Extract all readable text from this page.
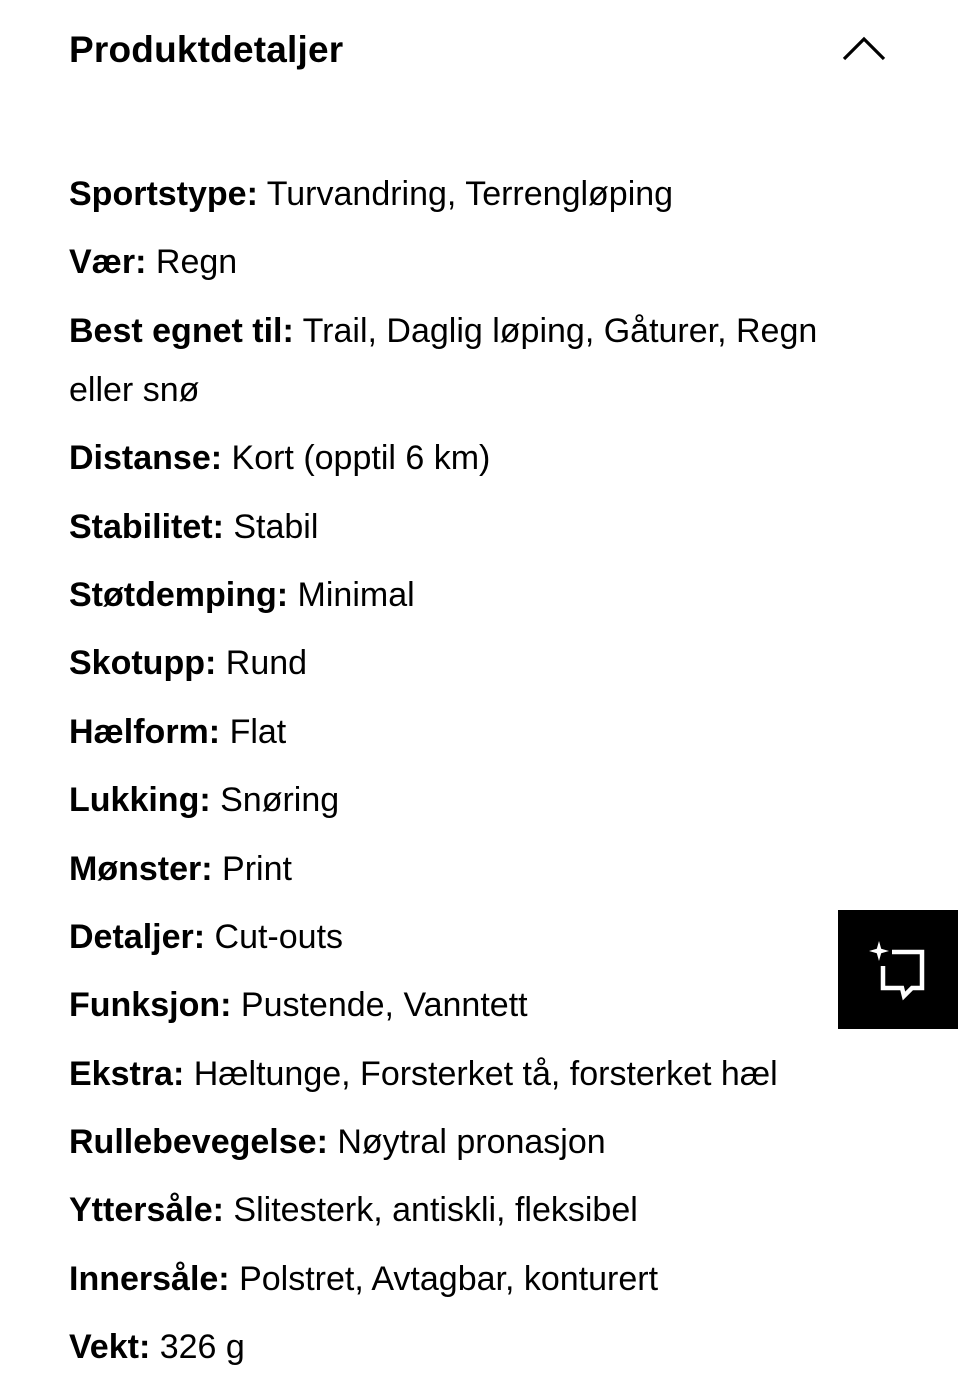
Produktdetaljer
Sportstype: Turvandring, Terrengløping
Vær: Regn
Best egnet til: Trail, Daglig løping, Gåturer, Regn eller snø
Distanse: Kort (opptil 6 km)
Stabilitet: Stabil
Støtdemping: Minimal
Skotupp: Rund
Hælform: Flat
Lukking: Snøring
Mønster: Print
Detaljer: Cut-outs
Funksjon: Pustende, Vanntett
Ekstra: Hæltunge, Forsterket tå, forsterket hæl
Rullebevegelse: Nøytral pronasjon
Yttersåle: Slitesterk, antiskli, fleksibel
Innersåle: Polstret, Avtagbar, konturert
Vekt: 326 g
